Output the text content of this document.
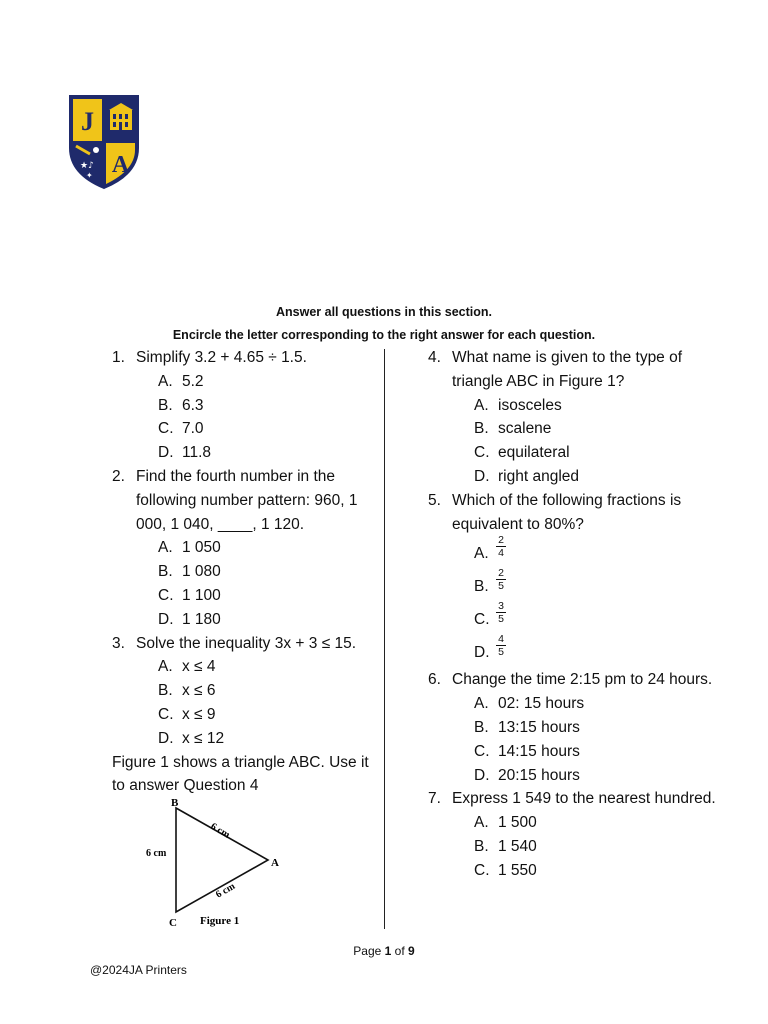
J
A
★♪
✦
Answer all questions in this section.
Encircle the letter corresponding to the right answer for each question.
1. Simplify 3.2 + 4.65 ÷ 1.5.
A. 5.2
B. 6.3
C. 7.0
D. 11.8
2. Find the fourth number in the following number pattern: 960, 1 000, 1 040, ____, 1 120.
A. 1 050
B. 1 080
C. 1 100
D. 1 180
3. Solve the inequality 3x + 3 ≤ 15.
A. x ≤ 4
B. x ≤ 6
C. x ≤ 9
D. x ≤ 12
Figure 1 shows a triangle ABC. Use it to answer Question 4
B
A
C
6 cm
6 cm
6 cm
Figure 1
4. What name is given to the type of triangle ABC in Figure 1?
A. isosceles
B. scalene
C. equilateral
D. right angled
5. Which of the following fractions is equivalent to 80%?
A. $\frac{2}{4}$
B. $\frac{2}{5}$
C. $\frac{3}{5}$
D. $\frac{4}{5}$
6. Change the time 2:15 pm to 24 hours.
A. 02: 15 hours
B. 13:15 hours
C. 14:15 hours
D. 20:15 hours
7. Express 1 549 to the nearest hundred.
A. 1 500
B. 1 540
C. 1 550
Page 1 of 9
@2024JA Printers
